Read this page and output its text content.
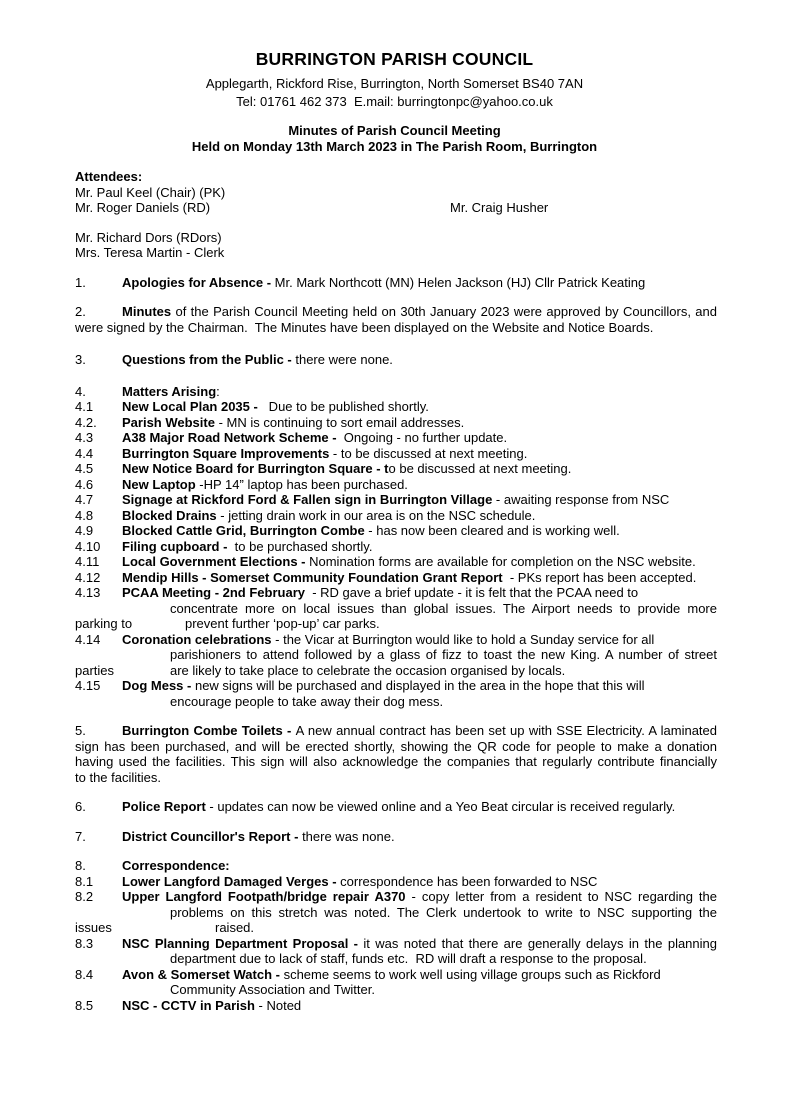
BURRINGTON PARISH COUNCIL
Applegarth, Rickford Rise, Burrington, North Somerset BS40 7AN
Tel: 01761 462 373  E.mail: burringtonpc@yahoo.co.uk
Minutes of Parish Council Meeting
Held on Monday 13th March 2023 in The Parish Room, Burrington
Attendees:
Mr. Paul Keel (Chair) (PK)
Mr. Roger Daniels (RD)	Mr. Craig Husher
Mr. Richard Dors (RDors)
Mrs. Teresa Martin - Clerk
1.	Apologies for Absence - Mr. Mark Northcott (MN) Helen Jackson (HJ) Cllr Patrick Keating
2.	Minutes of the Parish Council Meeting held on 30th January 2023 were approved by Councillors, and
were signed by the Chairman.  The Minutes have been displayed on the Website and Notice Boards.
3.	Questions from the Public - there were none.
4.	Matters Arising:
4.1 New Local Plan 2035 -   Due to be published shortly.
4.2. Parish Website - MN is continuing to sort email addresses.
4.3 A38 Major Road Network Scheme -  Ongoing - no further update.
4.4 Burrington Square Improvements - to be discussed at next meeting.
4.5 New Notice Board for Burrington Square - to be discussed at next meeting.
4.6 New Laptop -HP 14” laptop has been purchased.
4.7 Signage at Rickford Ford & Fallen sign in Burrington Village - awaiting response from NSC
4.8 Blocked Drains - jetting drain work in our area is on the NSC schedule.
4.9 Blocked Cattle Grid, Burrington Combe - has now been cleared and is working well.
4.10 Filing cupboard -  to be purchased shortly.
4.11 Local Government Elections - Nomination forms are available for completion on the NSC website.
4.12 Mendip Hills - Somerset Community Foundation Grant Report  - PKs report has been accepted.
4.13 PCAA Meeting - 2nd February  - RD gave a brief update - it is felt that the PCAA need to
concentrate more on local issues than global issues. The Airport needs to provide more
parking to	prevent further ‘pop-up’ car parks.
4.14 Coronation celebrations - the Vicar at Burrington would like to hold a Sunday service for all
parishioners to attend followed by a glass of fizz to toast the new King. A number of street
parties	are likely to take place to celebrate the occasion organised by locals.
4.15 Dog Mess - new signs will be purchased and displayed in the area in the hope that this will
encourage people to take away their dog mess.
5.	Burrington Combe Toilets - A new annual contract has been set up with SSE Electricity. A laminated
sign has been purchased, and will be erected shortly, showing the QR code for people to make a donation
having used the facilities. This sign will also acknowledge the companies that regularly contribute financially
to the facilities.
6.	Police Report - updates can now be viewed online and a Yeo Beat circular is received regularly.
7.	District Councillor's Report - there was none.
8.	Correspondence:
8.1 Lower Langford Damaged Verges - correspondence has been forwarded to NSC
8.2 Upper Langford Footpath/bridge repair A370 - copy letter from a resident to NSC regarding the
problems on this stretch was noted. The Clerk undertook to write to NSC supporting the
issues	raised.
8.3 NSC Planning Department Proposal - it was noted that there are generally delays in the planning
department due to lack of staff, funds etc.  RD will draft a response to the proposal.
8.4 Avon & Somerset Watch - scheme seems to work well using village groups such as Rickford
Community Association and Twitter.
8.5 NSC - CCTV in Parish - Noted
